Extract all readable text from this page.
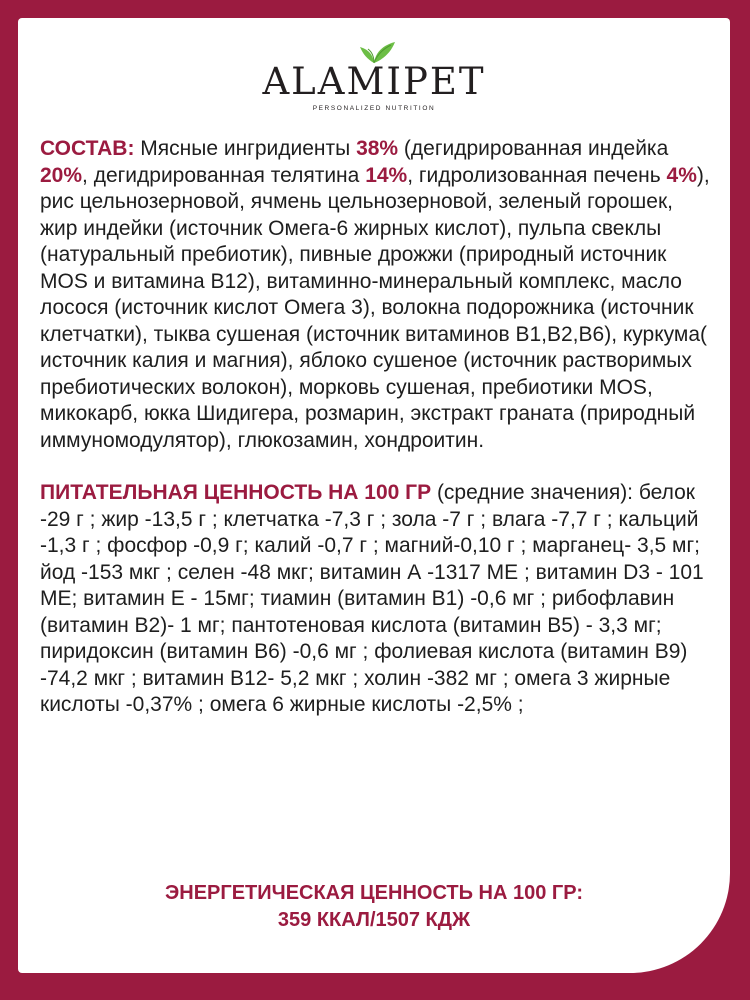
ALAMIPET
PERSONALIZED NUTRITION

СОСТАВ: Мясные ингридиенты 38% (дегидрированная индейка 20%, дегидрированная телятина 14%, гидролизованная печень 4%), рис цельнозерновой, ячмень цельнозерновой, зеленый горошек, жир индейки (источник Омега-6 жирных кислот), пульпа свеклы (натуральный пребиотик), пивные дрожжи (природный источник MOS и витамина В12), витаминно-минеральный комплекс, масло лосося (источник кислот Омега 3), волокна подорожника (источник клетчатки), тыква сушеная (источник витаминов В1,В2,В6), куркума( источник калия и магния), яблоко сушеное (источник растворимых пребиотических волокон), морковь сушеная, пребиотики MOS, микокарб, юкка Шидигера, розмарин, экстракт граната (природный иммуномодулятор), глюкозамин, хондроитин.

ПИТАТЕЛЬНАЯ ЦЕННОСТЬ НА 100 ГР (средние значения): белок -29 г ; жир -13,5 г ; клетчатка -7,3 г ; зола -7 г ; влага -7,7 г ; кальций -1,3 г ; фосфор -0,9 г; калий -0,7 г ; магний-0,10 г ; марганец- 3,5 мг; йод -153 мкг ; селен -48 мкг; витамин А -1317 МЕ ; витамин D3 - 101 МЕ; витамин Е - 15мг; тиамин (витамин В1) -0,6 мг ; рибофлавин (витамин В2)- 1 мг; пантотеновая кислота (витамин В5) - 3,3 мг; пиридоксин (витамин В6) -0,6 мг ; фолиевая кислота (витамин В9) -74,2 мкг ; витамин В12- 5,2 мкг ; холин -382 мг ; омега 3 жирные кислоты -0,37% ; омега 6 жирные кислоты -2,5% ;

ЭНЕРГЕТИЧЕСКАЯ ЦЕННОСТЬ НА 100 ГР:
359 ККАЛ/1507 КДЖ
